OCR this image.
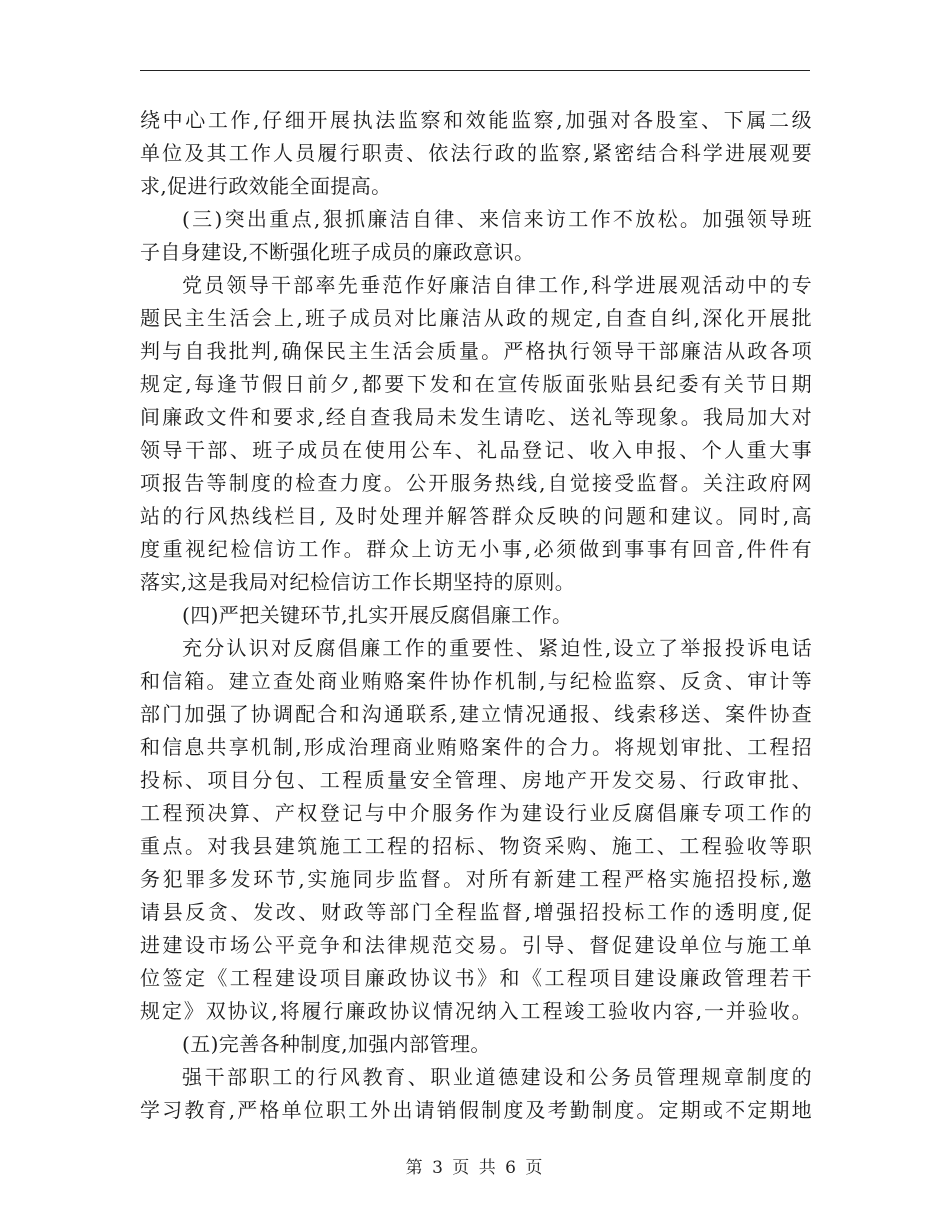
绕中心工作,仔细开展执法监察和效能监察,加强对各股室、下属二级
单位及其工作人员履行职责、依法行政的监察,紧密结合科学进展观要
求,促进行政效能全面提高。
(三)突出重点,狠抓廉洁自律、来信来访工作不放松。加强领导班
子自身建设,不断强化班子成员的廉政意识。
党员领导干部率先垂范作好廉洁自律工作,科学进展观活动中的专
题民主生活会上,班子成员对比廉洁从政的规定,自查自纠,深化开展批
判与自我批判,确保民主生活会质量。严格执行领导干部廉洁从政各项
规定,每逢节假日前夕,都要下发和在宣传版面张贴县纪委有关节日期
间廉政文件和要求,经自查我局未发生请吃、送礼等现象。我局加大对
领导干部、班子成员在使用公车、礼品登记、收入申报、个人重大事
项报告等制度的检查力度。公开服务热线,自觉接受监督。关注政府网
站的行风热线栏目, 及时处理并解答群众反映的问题和建议。同时,高
度重视纪检信访工作。群众上访无小事,必须做到事事有回音,件件有
落实,这是我局对纪检信访工作长期坚持的原则。
(四)严把关键环节,扎实开展反腐倡廉工作。
充分认识对反腐倡廉工作的重要性、紧迫性,设立了举报投诉电话
和信箱。建立查处商业贿赂案件协作机制,与纪检监察、反贪、审计等
部门加强了协调配合和沟通联系,建立情况通报、线索移送、案件协查
和信息共享机制,形成治理商业贿赂案件的合力。将规划审批、工程招
投标、项目分包、工程质量安全管理、房地产开发交易、行政审批、
工程预决算、产权登记与中介服务作为建设行业反腐倡廉专项工作的
重点。对我县建筑施工工程的招标、物资采购、施工、工程验收等职
务犯罪多发环节,实施同步监督。对所有新建工程严格实施招投标,邀
请县反贪、发改、财政等部门全程监督,增强招投标工作的透明度,促
进建设市场公平竞争和法律规范交易。引导、督促建设单位与施工单
位签定《工程建设项目廉政协议书》和《工程项目建设廉政管理若干
规定》双协议,将履行廉政协议情况纳入工程竣工验收内容,一并验收。
(五)完善各种制度,加强内部管理。
强干部职工的行风教育、职业道德建设和公务员管理规章制度的
学习教育,严格单位职工外出请销假制度及考勤制度。定期或不定期地
第 3 页 共 6 页
